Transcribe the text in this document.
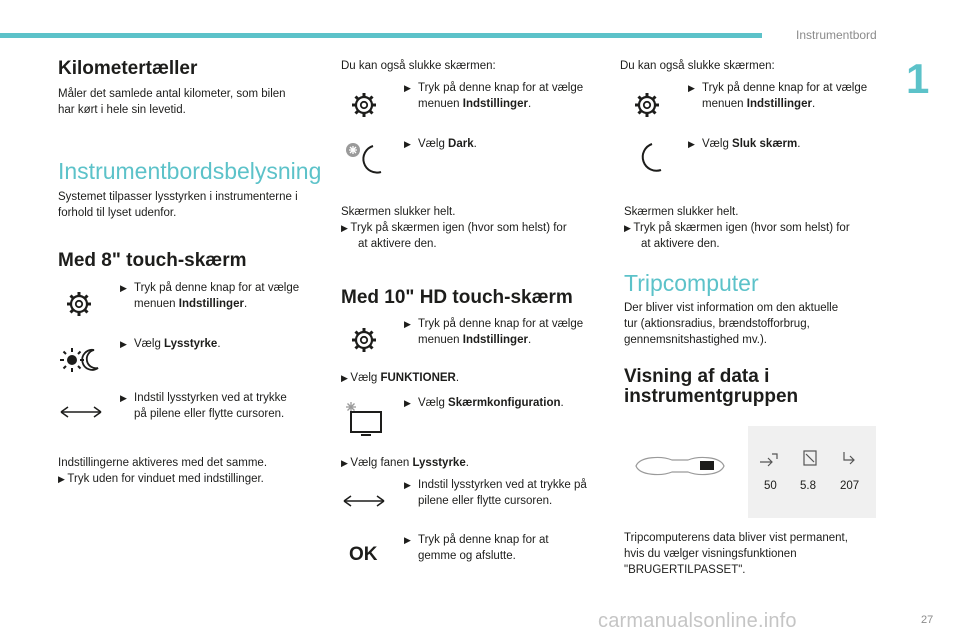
Instrumentbord
1
27
carmanualsonline.info
Kilometertæller
Måler det samlede antal kilometer, som bilen
har kørt i hele sin levetid.
Instrumentbordsbelysning
Systemet tilpasser lysstyrken i instrumenterne i
forhold til lyset udenfor.
Med 8" touch-skærm
▶ Tryk på denne knap for at vælge
menuen Indstillinger.
▶ Vælg Lysstyrke.
▶ Indstil lysstyrken ved at trykke
på pilene eller flytte cursoren.
Indstillingerne aktiveres med det samme.
▶ Tryk uden for vinduet med indstillinger.
Du kan også slukke skærmen:
▶ Tryk på denne knap for at vælge
menuen Indstillinger.
▶ Vælg Dark.
Skærmen slukker helt.
▶ Tryk på skærmen igen (hvor som helst) for
at aktivere den.
Med 10" HD touch-skærm
▶ Tryk på denne knap for at vælge
menuen Indstillinger.
▶ Vælg FUNKTIONER.
▶ Vælg Skærmkonfiguration.
▶ Vælg fanen Lysstyrke.
▶ Indstil lysstyrken ved at trykke på
pilene eller flytte cursoren.
OK
▶ Tryk på denne knap for at
gemme og afslutte.
Du kan også slukke skærmen:
▶ Tryk på denne knap for at vælge
menuen Indstillinger.
▶ Vælg Sluk skærm.
Skærmen slukker helt.
▶ Tryk på skærmen igen (hvor som helst) for
at aktivere den.
Tripcomputer
Der bliver vist information om den aktuelle
tur (aktionsradius, brændstofforbrug,
gennemsnitshastighed mv.).
Visning af data i
instrumentgruppen
50 5.8 207
Tripcomputerens data bliver vist permanent,
hvis du vælger visningsfunktionen
"BRUGERTILPASSET".
